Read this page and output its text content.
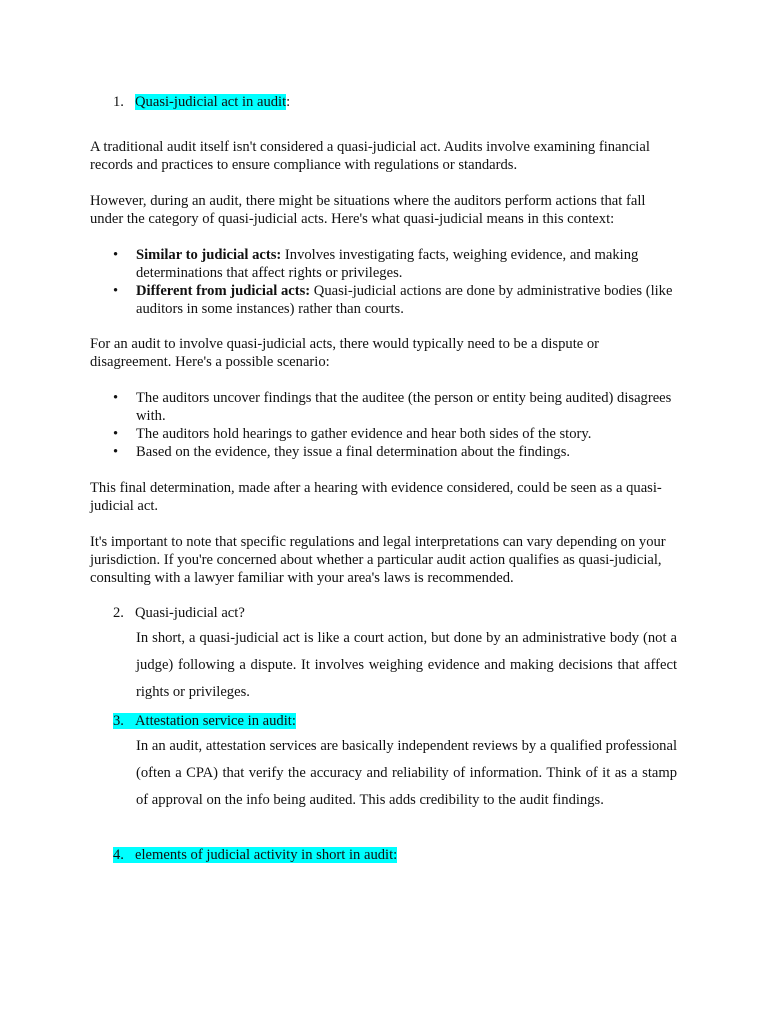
1. Quasi-judicial act in audit:

A traditional audit itself isn't considered a quasi-judicial act. Audits involve examining financial records and practices to ensure compliance with regulations or standards.

However, during an audit, there might be situations where the auditors perform actions that fall under the category of quasi-judicial acts. Here's what quasi-judicial means in this context:

• Similar to judicial acts: Involves investigating facts, weighing evidence, and making determinations that affect rights or privileges.
• Different from judicial acts: Quasi-judicial actions are done by administrative bodies (like auditors in some instances) rather than courts.

For an audit to involve quasi-judicial acts, there would typically need to be a dispute or disagreement. Here's a possible scenario:

• The auditors uncover findings that the auditee (the person or entity being audited) disagrees with.
• The auditors hold hearings to gather evidence and hear both sides of the story.
• Based on the evidence, they issue a final determination about the findings.

This final determination, made after a hearing with evidence considered, could be seen as a quasi-judicial act.

It's important to note that specific regulations and legal interpretations can vary depending on your jurisdiction. If you're concerned about whether a particular audit action qualifies as quasi-judicial, consulting with a lawyer familiar with your area's laws is recommended.

2. Quasi-judicial act?

In short, a quasi-judicial act is like a court action, but done by an administrative body (not a judge) following a dispute. It involves weighing evidence and making decisions that affect rights or privileges.

3. Attestation service in audit:

In an audit, attestation services are basically independent reviews by a qualified professional (often a CPA) that verify the accuracy and reliability of information. Think of it as a stamp of approval on the info being audited. This adds credibility to the audit findings.

4. elements of judicial activity in short in audit:
